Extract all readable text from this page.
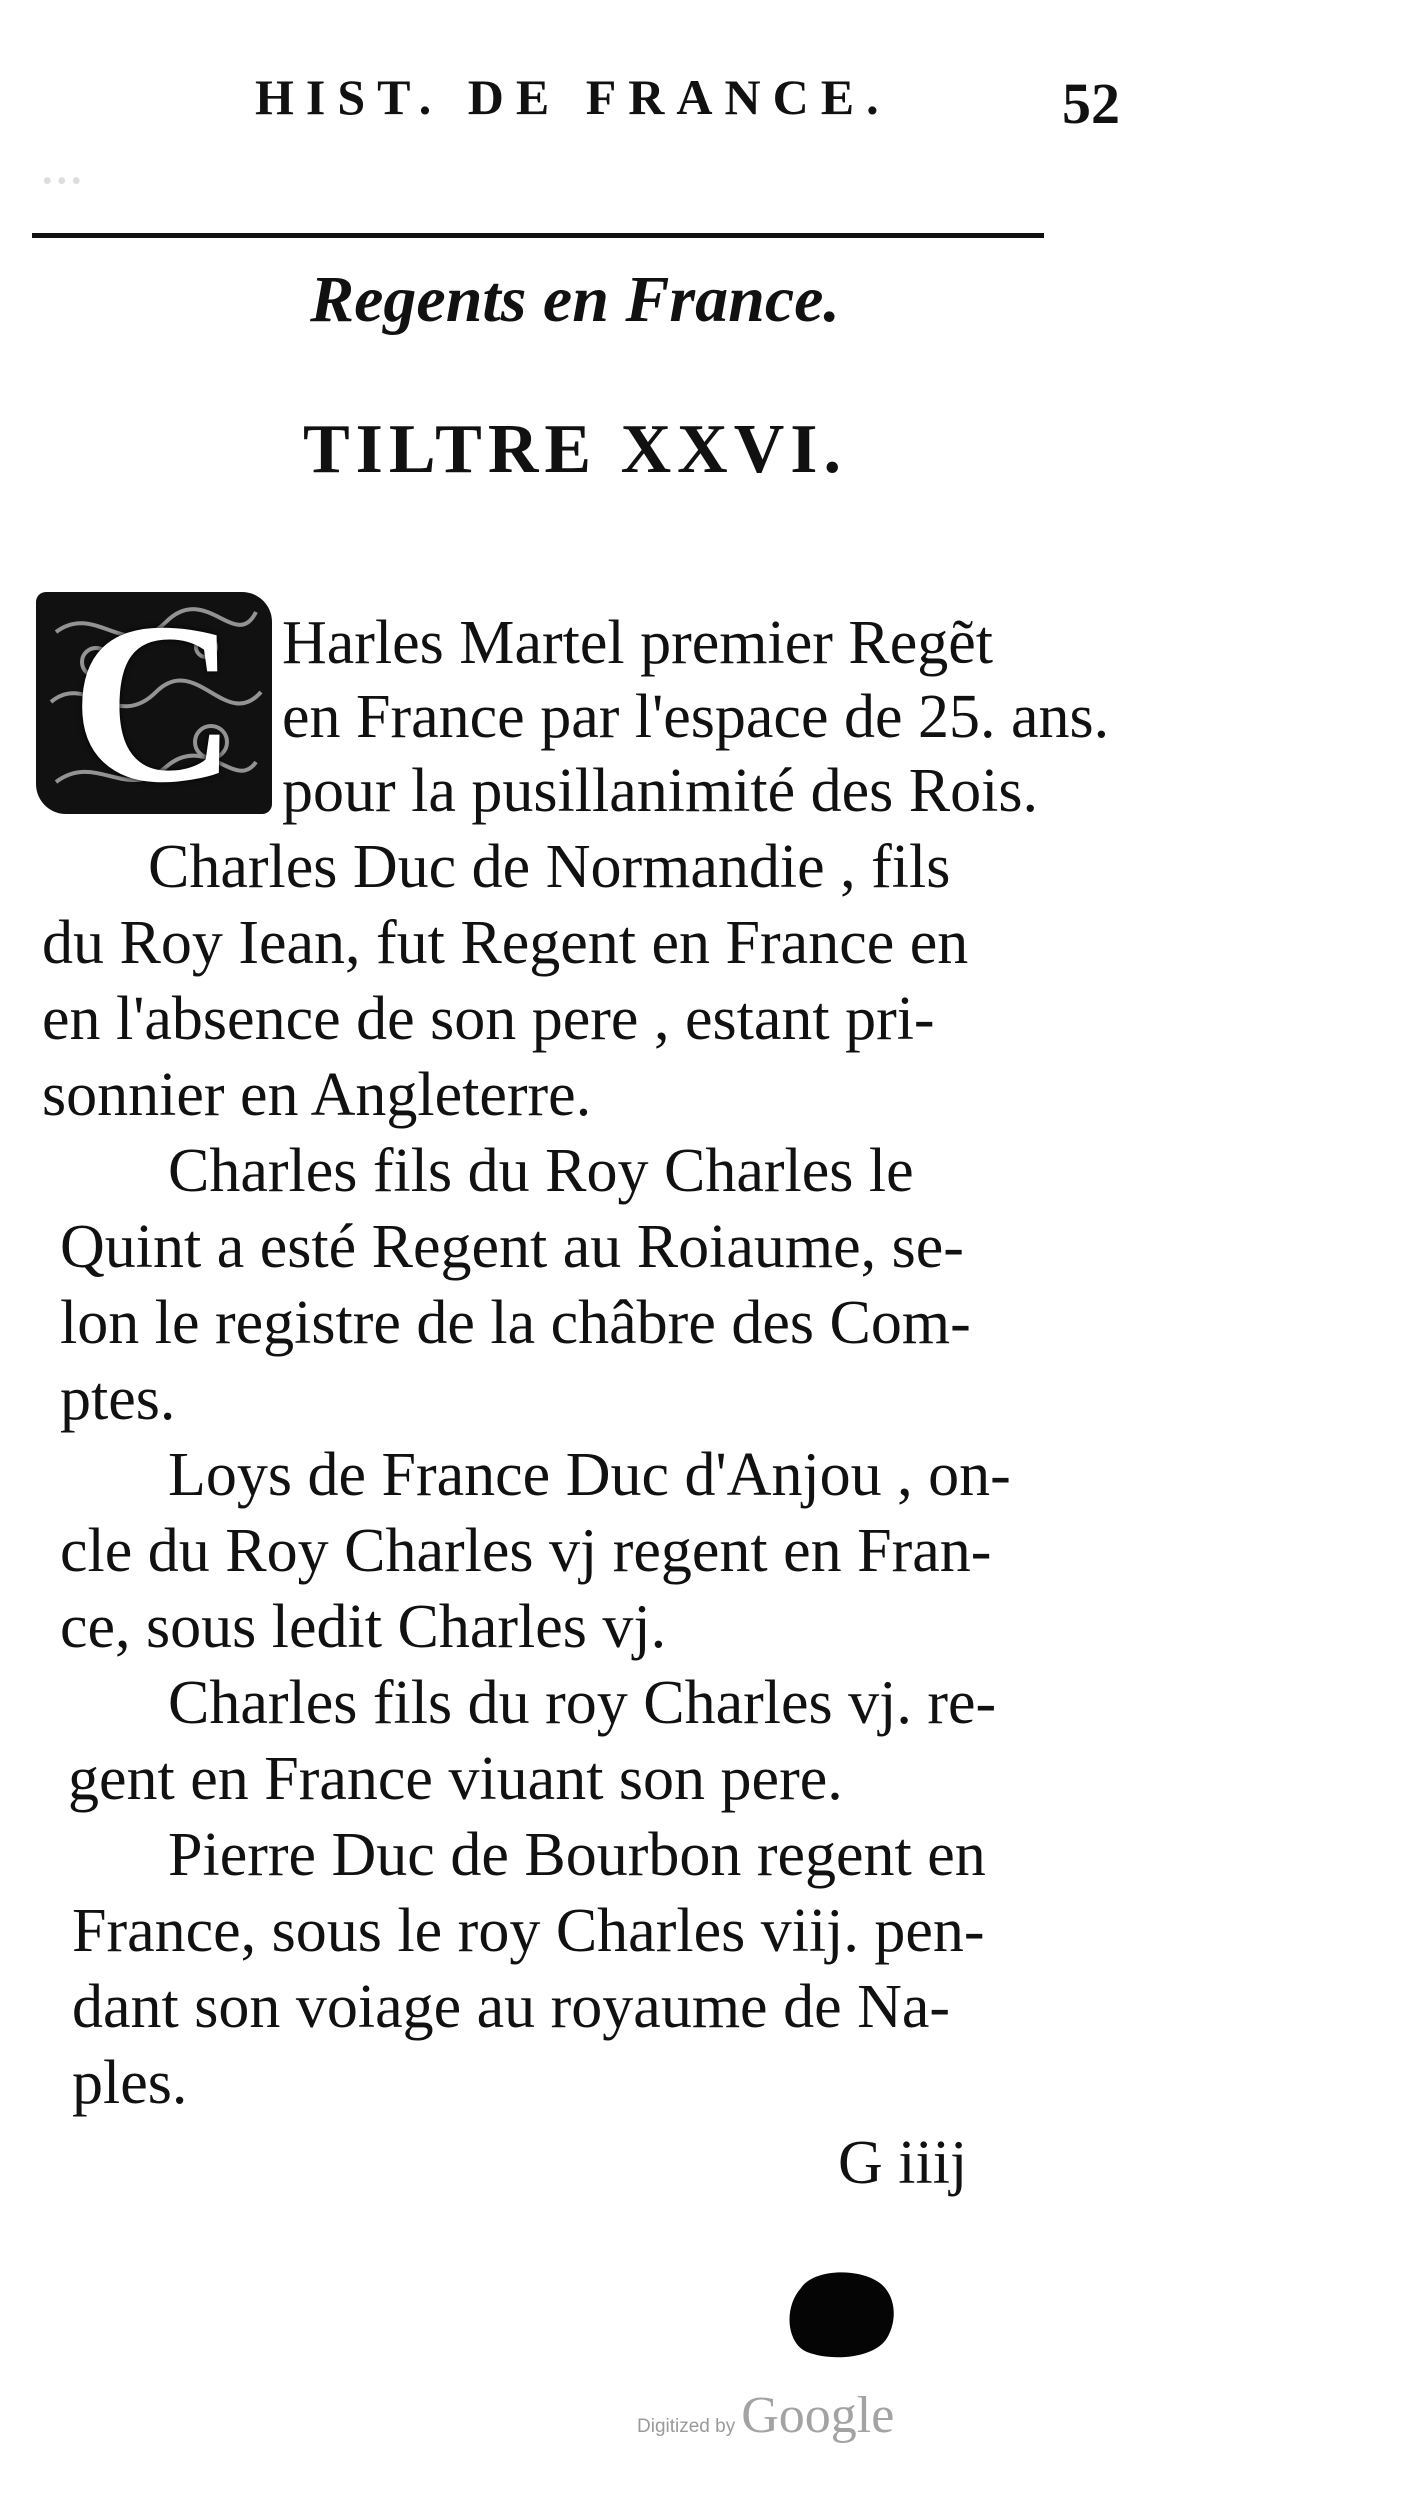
...
HIST. DE FRANCE.	52
Regents en France.
TILTRE XXVI.
C Harles Martel premier Regẽt
en France par l'espace de 25. ans.
pour la pusillanimité des Rois.
Charles Duc de Normandie , fils
du Roy Iean, fut Regent en France en
en l'absence de son pere , estant pri-
sonnier en Angleterre.
Charles fils du Roy Charles le
Quint a esté Regent au Roiaume, se-
lon le registre de la châbre des Com-
ptes.
Loys de France Duc d'Anjou , on-
cle du Roy Charles vj regent en Fran-
ce, sous ledit Charles vj.
Charles fils du roy Charles vj. re-
gent en France viuant son pere.
Pierre Duc de Bourbon regent en
France, sous le roy Charles viij. pen-
dant son voiage au royaume de Na-
ples.
G iiij
Digitized by Google
